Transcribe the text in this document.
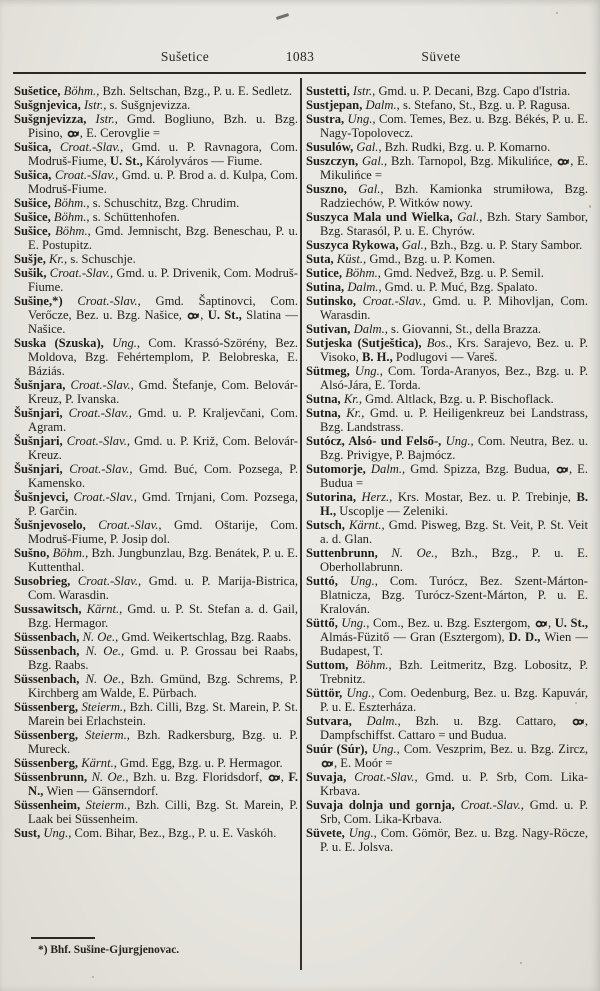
Sušetice	1083	Süvete

Sušetice, Böhm., Bzh. Seltschan, Bzg., P. u. E. Sedletz.

Sušgnjevica, Istr., s. Sušgnjevizza.

Sušgnjevizza, Istr., Gmd. Bogliuno, Bzh. u. Bzg. Pisino,
, E. Cerovglie =

Sušica, Croat.-Slav., Gmd. u. P. Ravnagora, Com. Modruš-Fiume, U. St., Károlyváros — Fiume.

Sušica, Croat.-Slav., Gmd. u. P. Brod a. d. Kulpa, Com. Modruš-Fiume.

Sušice, Böhm., s. Schuschitz, Bzg. Chrudim.

Sušice, Böhm., s. Schüttenhofen.

Sušice, Böhm., Gmd. Jemnischt, Bzg. Beneschau, P. u. E. Postupitz.

Sušje, Kr., s. Schuschje.

Sušik, Croat.-Slav., Gmd. u. P. Drivenik, Com. Modruš-Fiume.

Sušine,*) Croat.-Slav., Gmd. Šaptinovci, Com. Verőcze, Bez. u. Bzg. Našice,
, U. St., Slatina — Našice.

Suska (Szuska), Ung., Com. Krassó-Szörény, Bez. Moldova, Bzg. Fehértemplom, P. Belobreska, E. Báziás.

Šušnjara, Croat.-Slav., Gmd. Štefanje, Com. Belovár-Kreuz, P. Ivanska.

Šušnjari, Croat.-Slav., Gmd. u. P. Kraljevčani, Com. Agram.

Šušnjari, Croat.-Slav., Gmd. u. P. Križ, Com. Belovár-Kreuz.

Šušnjari, Croat.-Slav., Gmd. Buć, Com. Pozsega, P. Kamensko.

Šušnjevci, Croat.-Slav., Gmd. Trnjani, Com. Pozsega, P. Garčin.

Šušnjevoselo, Croat.-Slav., Gmd. Oštarije, Com. Modruš-Fiume, P. Josip dol.

Sušno, Böhm., Bzh. Jungbunzlau, Bzg. Benátek, P. u. E. Kuttenthal.

Susobrieg, Croat.-Slav., Gmd. u. P. Marija-Bistrica, Com. Warasdin.

Sussawitsch, Kärnt., Gmd. u. P. St. Stefan a. d. Gail, Bzg. Hermagor.

Süssenbach, N. Oe., Gmd. Weikertschlag, Bzg. Raabs.

Süssenbach, N. Oe., Gmd. u. P. Grossau bei Raabs, Bzg. Raabs.

Süssenbach, N. Oe., Bzh. Gmünd, Bzg. Schrems, P. Kirchberg am Walde, E. Pürbach.

Süssenberg, Steierm., Bzh. Cilli, Bzg. St. Marein, P. St. Marein bei Erlachstein.

Süssenberg, Steierm., Bzh. Radkersburg, Bzg. u. P. Mureck.

Süssenberg, Kärnt., Gmd. Egg, Bzg. u. P. Hermagor.

Süssenbrunn, N. Oe., Bzh. u. Bzg. Floridsdorf,
, F. N., Wien — Gänserndorf.

Süssenheim, Steierm., Bzh. Cilli, Bzg. St. Marein, P. Laak bei Süssenheim.

Sust, Ung., Com. Bihar, Bez., Bzg., P. u. E. Vaskóh.

Sustetti, Istr., Gmd. u. P. Decani, Bzg. Capo d'Istria.

Sustjepan, Dalm., s. Stefano, St., Bzg. u. P. Ragusa.

Sustra, Ung., Com. Temes, Bez. u. Bzg. Békés, P. u. E. Nagy-Topolovecz.

Susulów, Gal., Bzh. Rudki, Bzg. u. P. Komarno.

Suszczyn, Gal., Bzh. Tarnopol, Bzg. Mikulińce,
, E. Mikulińce =

Suszno, Gal., Bzh. Kamionka strumiłowa, Bzg. Radziechów, P. Witków nowy.

Suszyca Mala und Wielka, Gal., Bzh. Stary Sambor, Bzg. Starasól, P. u. E. Chyrów.

Suszyca Rykowa, Gal., Bzh., Bzg. u. P. Stary Sambor.

Suta, Küst., Gmd., Bzg. u. P. Komen.

Sutice, Böhm., Gmd. Nedvež, Bzg. u. P. Semil.

Sutina, Dalm., Gmd. u. P. Muć, Bzg. Spalato.

Sutinsko, Croat.-Slav., Gmd. u. P. Mihovljan, Com. Warasdin.

Sutivan, Dalm., s. Giovanni, St., della Brazza.

Sutjeska (Sutještica), Bos., Krs. Sarajevo, Bez. u. P. Visoko, B. H., Podlugovi — Vareš.

Sütmeg, Ung., Com. Torda-Aranyos, Bez., Bzg. u. P. Alsó-Jára, E. Torda.

Sutna, Kr., Gmd. Altlack, Bzg. u. P. Bischoflack.

Sutna, Kr., Gmd. u. P. Heiligenkreuz bei Landstrass, Bzg. Landstrass.

Sutócz, Alsó- und Felső-, Ung., Com. Neutra, Bez. u. Bzg. Privigye, P. Bajmócz.

Sutomorje, Dalm., Gmd. Spizza, Bzg. Budua,
, E. Budua =

Sutorina, Herz., Krs. Mostar, Bez. u. P. Trebinje, B. H., Uscoplje — Zeleniki.

Sutsch, Kärnt., Gmd. Pisweg, Bzg. St. Veit, P. St. Veit a. d. Glan.

Suttenbrunn, N. Oe., Bzh., Bzg., P. u. E. Oberhollabrunn.

Suttó, Ung., Com. Turócz, Bez. Szent-Márton-Blatnicza, Bzg. Turócz-Szent-Márton, P. u. E. Kralován.

Süttő, Ung., Com., Bez. u. Bzg. Esztergom,
, U. St., Almás-Füzitő — Gran (Esztergom), D. D., Wien — Budapest, T.

Suttom, Böhm., Bzh. Leitmeritz, Bzg. Lobositz, P. Trebnitz.

Süttör, Ung., Com. Oedenburg, Bez. u. Bzg. Kapuvár, P. u. E. Eszterháza.

Sutvara, Dalm., Bzh. u. Bzg. Cattaro,
, Dampfschiffst. Cattaro = und Budua.

Suúr (Súr), Ung., Com. Veszprim, Bez. u. Bzg. Zircz,
, E. Moór =

Suvaja, Croat.-Slav., Gmd. u. P. Srb, Com. Lika-Krbava.

Suvaja dolnja und gornja, Croat.-Slav., Gmd. u. P. Srb, Com. Lika-Krbava.

Süvete, Ung., Com. Gömör, Bez. u. Bzg. Nagy-Röcze, P. u. E. Jolsva.

*) Bhf. Sušine-Gjurgjenovac.
